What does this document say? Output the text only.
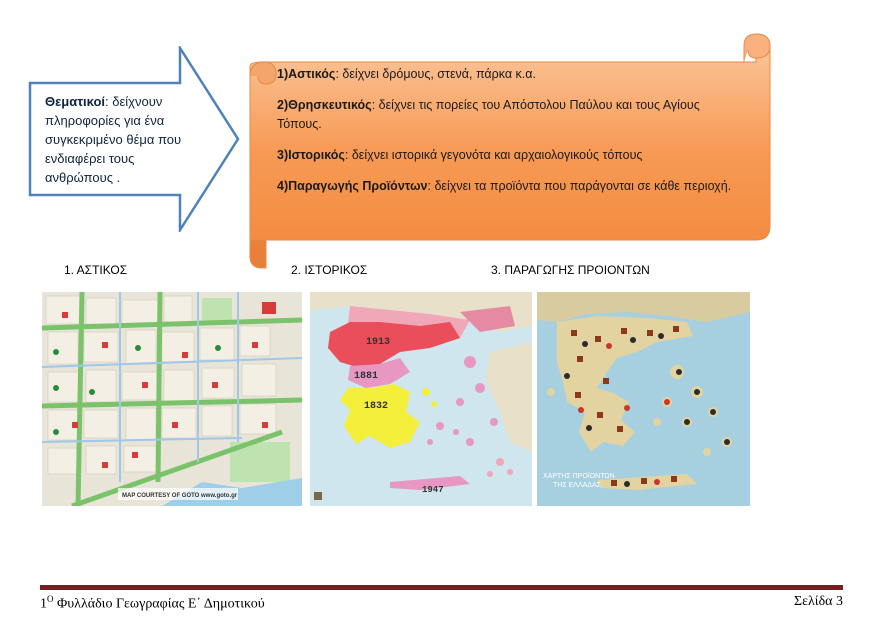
Θεματικοί: δείχνουν πληροφορίες για ένα συγκεκριμένο θέμα που ενδιαφέρει τους ανθρώπους .
1)Αστικός: δείχνει δρόμους, στενά, πάρκα κ.α.
2)Θρησκευτικός: δείχνει τις πορείες του Απόστολου Παύλου και τους Αγίους
Τόπους.
3)Ιστορικός: δείχνει ιστορικά γεγονότα και αρχαιολογικούς τόπους
4)Παραγωγής Προϊόντων: δείχνει τα προϊόντα που παράγονται σε κάθε περιοχή.
1. ΑΣΤΙΚΟΣ	2. ΙΣΤΟΡΙΚΟΣ	3. ΠΑΡΑΓΩΓΗΣ ΠΡΟΙΟΝΤΩΝ
MAP COURTESY OF GOTO www.goto.gr
1913
1881
1832
1947
ΧΑΡΤΗΣ ΠΡΟΪΟΝΤΩΝ
ΤΗΣ ΕΛΛΑΔΑΣ
$1^O$ Φυλλάδιο Γεωγραφίας Ε΄ Δημοτικού	Σελίδα 3
